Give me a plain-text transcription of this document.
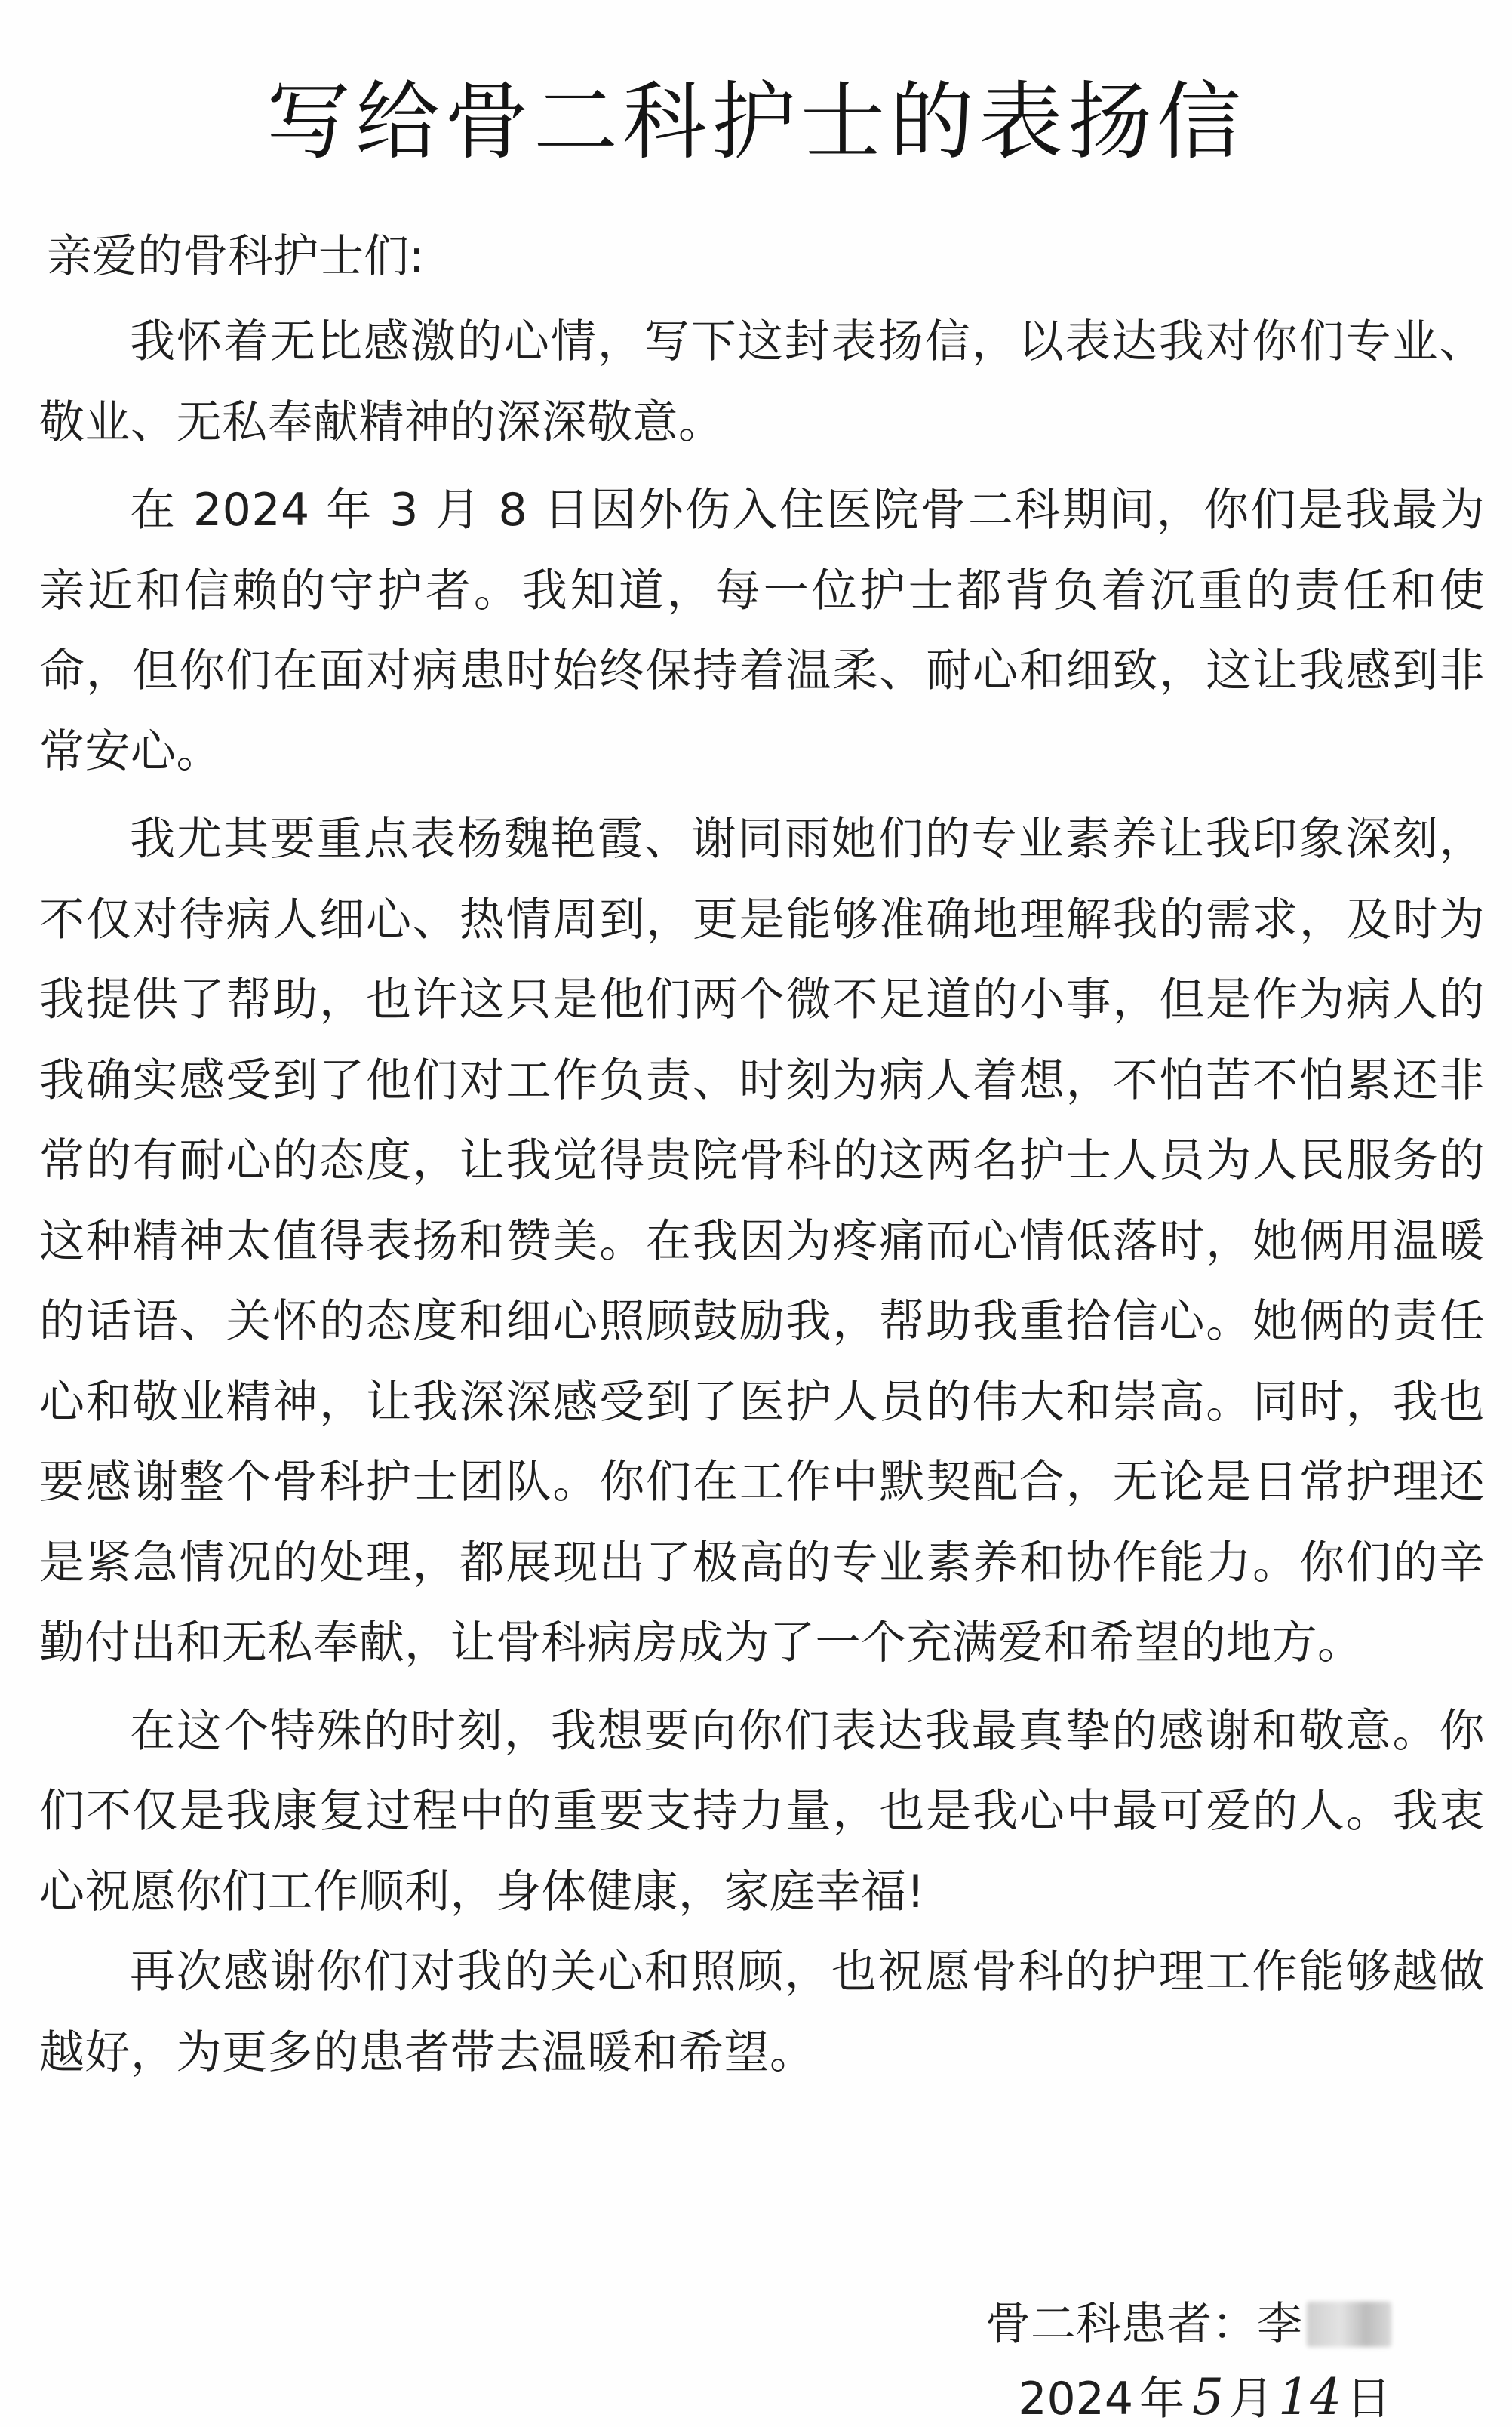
写给骨二科护士的表扬信

亲爱的骨科护士们:

我怀着无比感激的心情，写下这封表扬信，以表达我对你们专业、敬业、无私奉献精神的深深敬意。

在 2024 年 3 月 8 日因外伤入住医院骨二科期间，你们是我最为亲近和信赖的守护者。我知道，每一位护士都背负着沉重的责任和使命，但你们在面对病患时始终保持着温柔、耐心和细致，这让我感到非常安心。

我尤其要重点表杨魏艳霞、谢同雨她们的专业素养让我印象深刻，不仅对待病人细心、热情周到，更是能够准确地理解我的需求，及时为我提供了帮助，也许这只是他们两个微不足道的小事，但是作为病人的我确实感受到了他们对工作负责、时刻为病人着想，不怕苦不怕累还非常的有耐心的态度，让我觉得贵院骨科的这两名护士人员为人民服务的这种精神太值得表扬和赞美。在我因为疼痛而心情低落时，她俩用温暖的话语、关怀的态度和细心照顾鼓励我，帮助我重拾信心。她俩的责任心和敬业精神，让我深深感受到了医护人员的伟大和崇高。同时，我也要感谢整个骨科护士团队。你们在工作中默契配合，无论是日常护理还是紧急情况的处理，都展现出了极高的专业素养和协作能力。你们的辛勤付出和无私奉献，让骨科病房成为了一个充满爱和希望的地方。

在这个特殊的时刻，我想要向你们表达我最真挚的感谢和敬意。你们不仅是我康复过程中的重要支持力量，也是我心中最可爱的人。我衷心祝愿你们工作顺利，身体健康，家庭幸福!

再次感谢你们对我的关心和照顾，也祝愿骨科的护理工作能够越做越好，为更多的患者带去温暖和希望。

骨二科患者： 李
2024 年 5 月 14 日
